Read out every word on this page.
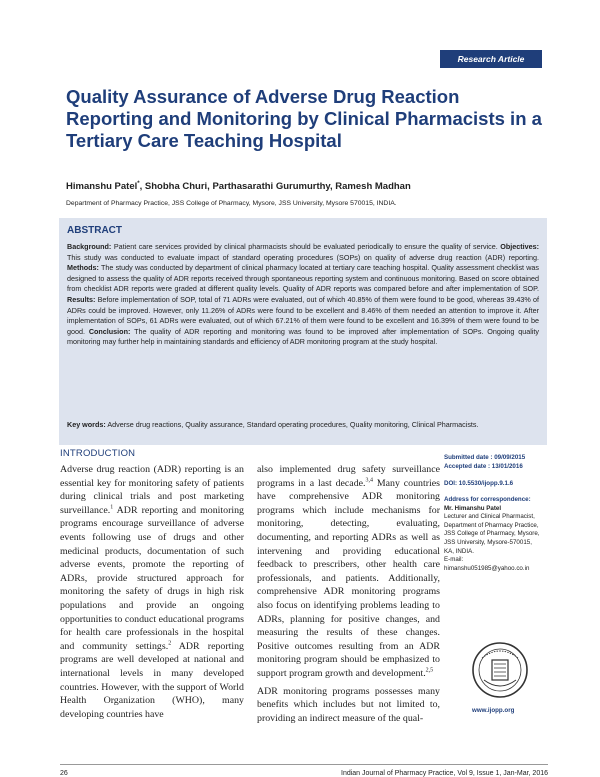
Research Article
Quality Assurance of Adverse Drug Reaction Reporting and Monitoring by Clinical Pharmacists in a Tertiary Care Teaching Hospital
Himanshu Patel*, Shobha Churi, Parthasarathi Gurumurthy, Ramesh Madhan
Department of Pharmacy Practice, JSS College of Pharmacy, Mysore, JSS University, Mysore 570015, INDIA.
ABSTRACT
Background: Patient care services provided by clinical pharmacists should be evaluated periodically to ensure the quality of service. Objectives: This study was conducted to evaluate impact of standard operating procedures (SOPs) on quality of adverse drug reaction (ADR) reporting. Methods: The study was conducted by department of clinical pharmacy located at tertiary care teaching hospital. Quality assessment checklist was designed to assess the quality of ADR reports received through spontaneous reporting system and continuous monitoring. Based on score obtained from checklist ADR reports were graded at different quality levels. Quality of ADR reports was compared before and after implementation of SOP. Results: Before implementation of SOP, total of 71 ADRs were evaluated, out of which 40.85% of them were found to be good, whereas 39.43% of ADRs could be improved. However, only 11.26% of ADRs were found to be excellent and 8.46% of them needed an attention to improve it. After implementation of SOPs, 61 ADRs were evaluated, out of which 67.21% of them were found to be excellent and 16.39% of them were found to be good. Conclusion: The quality of ADR reporting and monitoring was found to be improved after implementation of SOPs. Ongoing quality monitoring may further help in maintaining standards and efficiency of ADR monitoring program at the study hospital.
Key words: Adverse drug reactions, Quality assurance, Standard operating procedures, Quality monitoring, Clinical Pharmacists.
INTRODUCTION
Adverse drug reaction (ADR) reporting is an essential key for monitoring safety of patients during clinical trials and post marketing surveillance.$^1$ ADR reporting and monitoring programs encourage surveillance of adverse events following use of drugs and other medicinal products, documentation of such adverse events, promote the reporting of ADRs, provide structured approach for monitoring the safety of drugs in high risk populations and provide an ongoing opportunities to conduct educational programs for health care professionals in the hospital and community settings.$^2$ ADR reporting programs are well developed at national and international levels in many developed countries. However, with the support of World Health Organization (WHO), many developing countries have
also implemented drug safety surveillance programs in a last decade.$^{3,4}$ Many countries have comprehensive ADR monitoring programs which include mechanisms for monitoring, detecting, evaluating, documenting, and reporting ADRs as well as intervening and providing educational feedback to prescribers, other health care professionals, and patients. Additionally, comprehensive ADR monitoring programs also focus on identifying problems leading to ADRs, planning for positive changes, and measuring the results of these changes. Positive outcomes resulting from an ADR monitoring program should be emphasized to support program growth and development.$^{2,5}$
ADR monitoring programs possesses many benefits which includes but not limited to, providing an indirect measure of the qual-
Submitted date : 09/09/2015
Accepted date : 13/01/2016
DOI: 10.5530/ijopp.9.1.6
Address for correspondence:
Mr. Himanshu Patel
Lecturer and Clinical Pharmacist,
Department of Pharmacy Practice, JSS College of Pharmacy, Mysore,
JSS University, Mysore-570015, KA, INDIA.
E-mail: himanshu051985@yahoo.co.in
www.ijopp.org
26	Indian Journal of Pharmacy Practice, Vol 9, Issue 1, Jan-Mar, 2016
